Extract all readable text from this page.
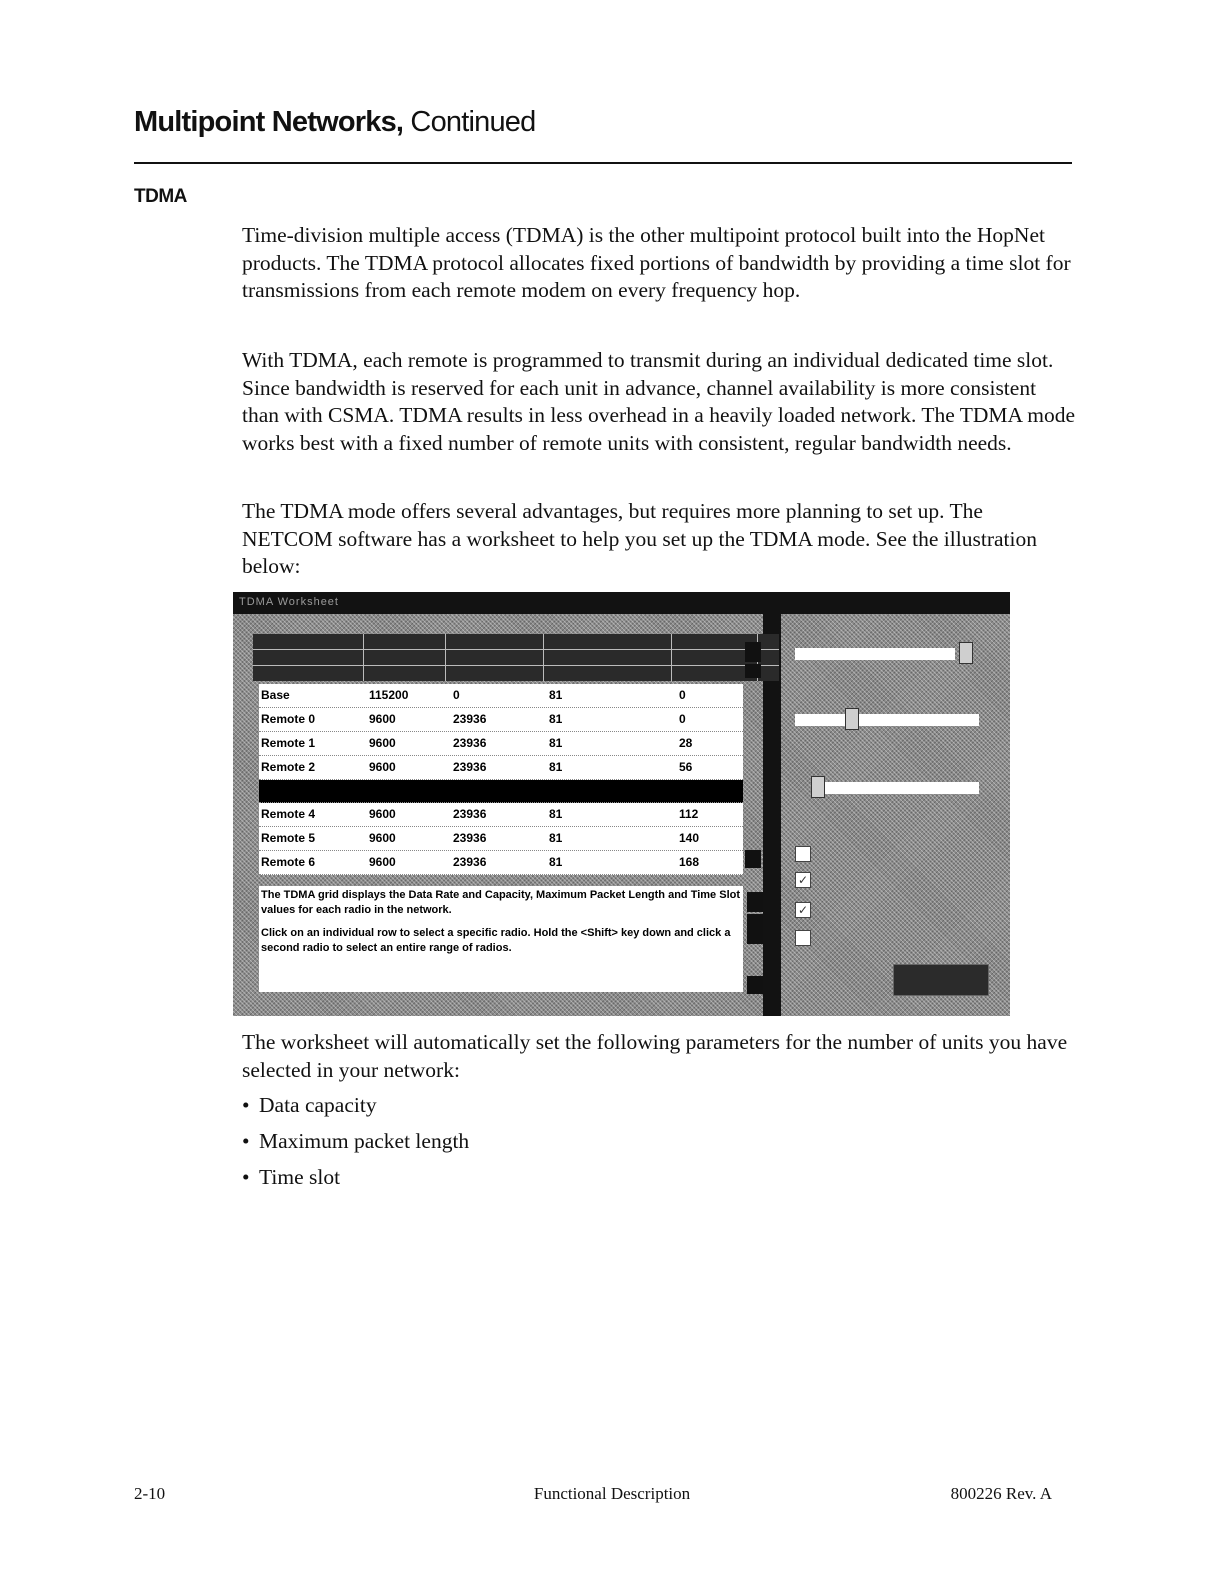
Multipoint Networks, Continued
TDMA

Time-division multiple access (TDMA) is the other multipoint protocol built into the HopNet products. The TDMA protocol allocates fixed portions of bandwidth by providing a time slot for transmissions from each remote modem on every frequency hop.

With TDMA, each remote is programmed to transmit during an individual dedicated time slot. Since bandwidth is reserved for each unit in advance, channel availability is more consistent than with CSMA. TDMA results in less overhead in a heavily loaded network. The TDMA mode works best with a fixed number of remote units with consistent, regular bandwidth needs.

The TDMA mode offers several advantages, but requires more planning to set up. The NETCOM software has a worksheet to help you set up the TDMA mode. See the illustration below:

TDMA Worksheet
Base	115200	0	81	0
Remote 0	9600	23936	81	0
Remote 1	9600	23936	81	28
Remote 2	9600	23936	81	56
Remote 4	9600	23936	81	112
Remote 5	9600	23936	81	140
Remote 6	9600	23936	81	168

The TDMA grid displays the Data Rate and Capacity, Maximum Packet Length and Time Slot values for each radio in the network.

Click on an individual row to select a specific radio. Hold the <Shift> key down and click a second radio to select an entire range of radios.

✓
✓

The worksheet will automatically set the following parameters for the number of units you have selected in your network:

• Data capacity
• Maximum packet length
• Time slot
2-10	Functional Description	800226 Rev. A
